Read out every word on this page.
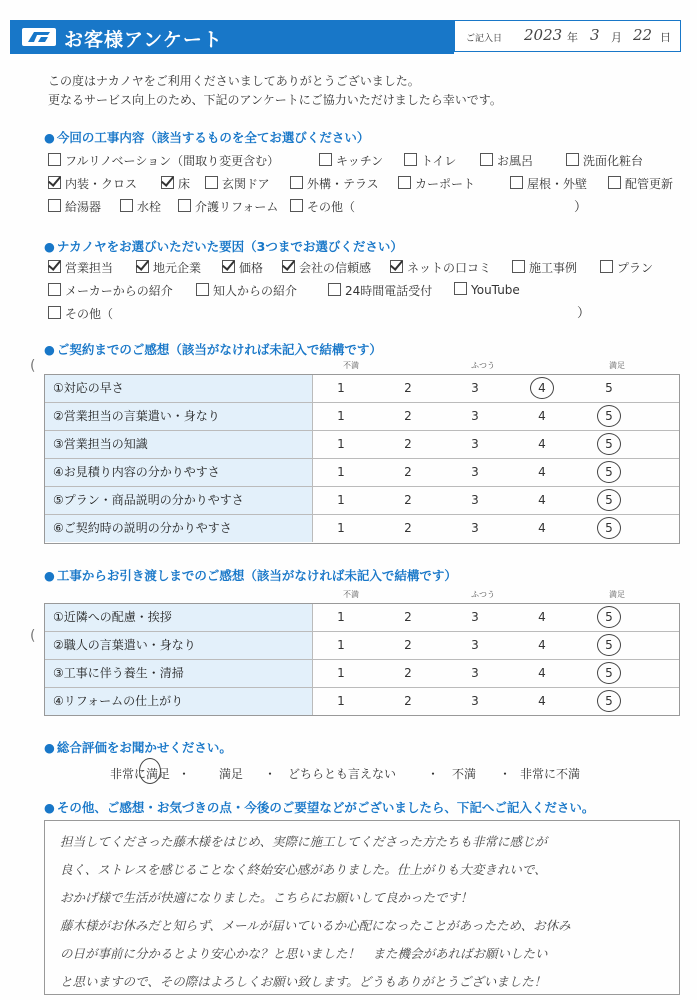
お客様アンケート	ご記入日 2023 年 3 月 22 日
この度はナカノヤをご利用くださいましてありがとうございました。
更なるサービス向上のため、下記のアンケートにご協力いただけましたら幸いです。
● 今回の工事内容（該当するものを全てお選びください）
フルリノベーション（間取り変更含む）	キッチン	トイレ	お風呂	洗面化粧台
内装・クロス	床	玄関ドア	外構・テラス	カーポート	屋根・外壁	配管更新
給湯器	水栓	介護リフォーム	その他（	）
● ナカノヤをお選びいただいた要因（3つまでお選びください）
営業担当	地元企業	価格	会社の信頼感	ネットの口コミ	施工事例	プラン
メーカーからの紹介	知人からの紹介	24時間電話受付	YouTube
その他（	）
● ご契約までのご感想（該当がなければ未記入で結構です）
(	不満	ふつう	満足
①対応の早さ	1	2	3	4	5
②営業担当の言葉遣い・身なり	1	2	3	4	5
③営業担当の知識	1	2	3	4	5
④お見積り内容の分かりやすさ	1	2	3	4	5
⑤プラン・商品説明の分かりやすさ	1	2	3	4	5
⑥ご契約時の説明の分かりやすさ	1	2	3	4	5
● 工事からお引き渡しまでのご感想（該当がなければ未記入で結構です）
不満	ふつう	満足
(
①近隣への配慮・挨拶	1	2	3	4	5
②職人の言葉遣い・身なり	1	2	3	4	5
③工事に伴う養生・清掃	1	2	3	4	5
④リフォームの仕上がり	1	2	3	4	5
● 総合評価をお聞かせください。
非常に満足 ・ 満足 ・ どちらとも言えない	・ 不満 ・ 非常に不満
● その他、ご感想・お気づきの点・今後のご要望などがございましたら、下記へご記入ください。
担当してくださった藤木様をはじめ、実際に施工してくださった方たちも非常に感じが
良く、ストレスを感じることなく終始安心感がありました。仕上がりも大変きれいで、
おかげ様で生活が快適になりました。こちらにお願いして良かったです！
藤木様がお休みだと知らず、メールが届いているか心配になったことがあったため、お休み
の日が事前に分かるとより安心かな？と思いました！　また機会があればお願いしたい
と思いますので、その際はよろしくお願い致します。どうもありがとうございました！
